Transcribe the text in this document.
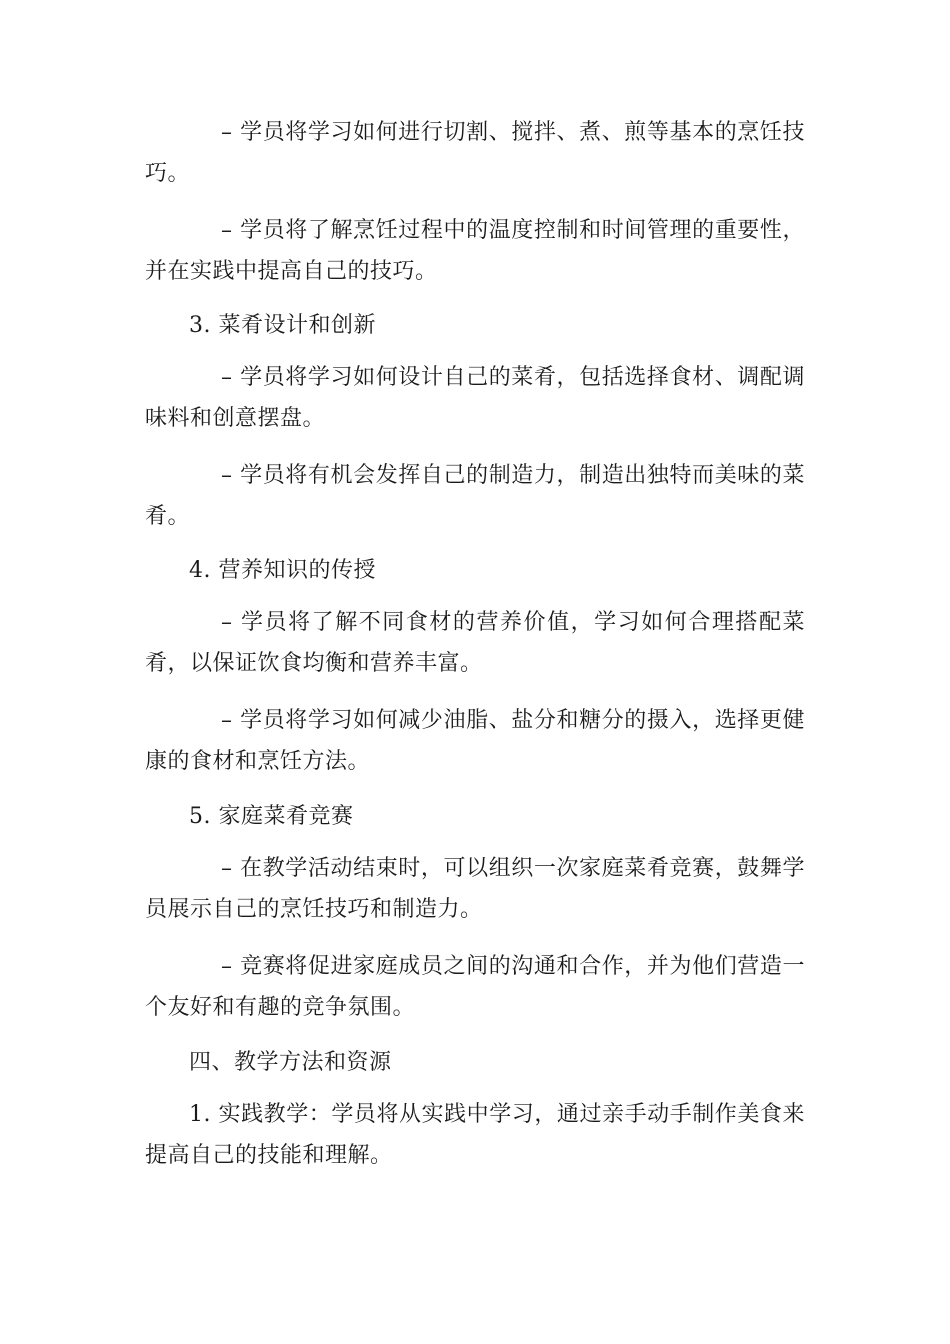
– 学员将学习如何进行切割、搅拌、煮、煎等基本的烹饪技巧。

– 学员将了解烹饪过程中的温度控制和时间管理的重要性，并在实践中提高自己的技巧。

3. 菜肴设计和创新

– 学员将学习如何设计自己的菜肴，包括选择食材、调配调味料和创意摆盘。

– 学员将有机会发挥自己的制造力，制造出独特而美味的菜肴。

4. 营养知识的传授

– 学员将了解不同食材的营养价值，学习如何合理搭配菜肴，以保证饮食均衡和营养丰富。

– 学员将学习如何减少油脂、盐分和糖分的摄入，选择更健康的食材和烹饪方法。

5. 家庭菜肴竞赛

– 在教学活动结束时，可以组织一次家庭菜肴竞赛，鼓舞学员展示自己的烹饪技巧和制造力。

– 竞赛将促进家庭成员之间的沟通和合作，并为他们营造一个友好和有趣的竞争氛围。

四、教学方法和资源

1. 实践教学：学员将从实践中学习，通过亲手动手制作美食来提高自己的技能和理解。
